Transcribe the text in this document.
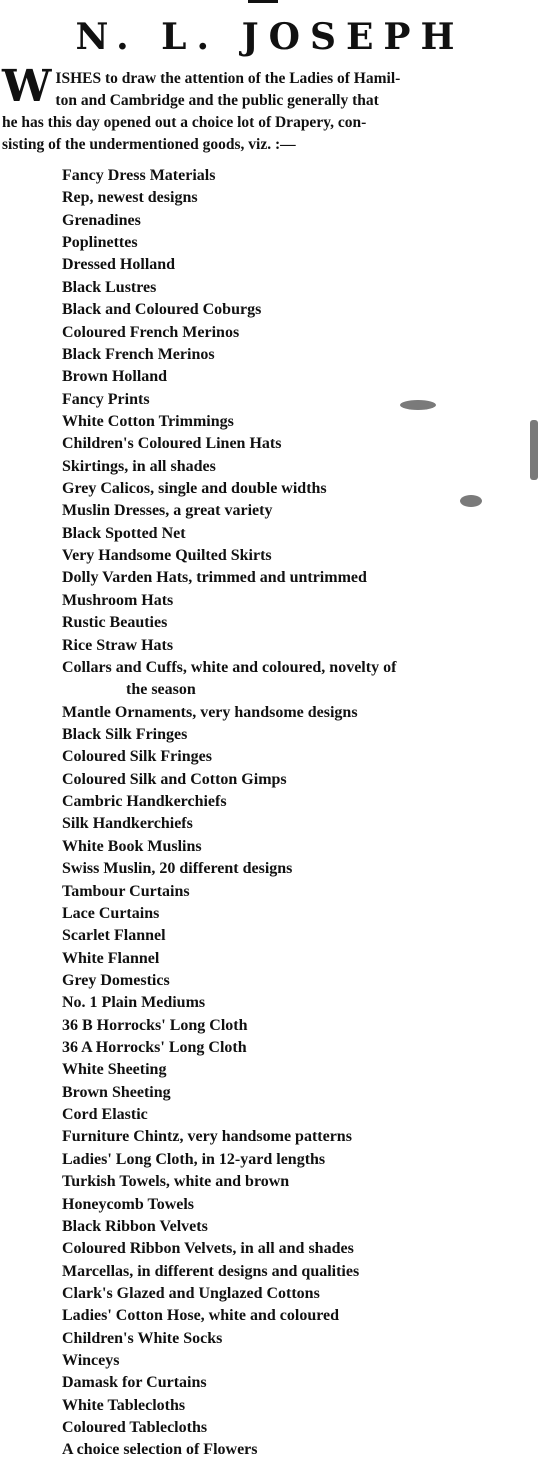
N. L. JOSEPH
W ISHES to draw the attention of the Ladies of Hamil-

ton and Cambridge and the public generally that
he has this day opened out a choice lot of Drapery, con-
sisting of the undermentioned goods, viz. :—
Fancy Dress Materials
Rep, newest designs
Grenadines
Poplinettes
Dressed Holland
Black Lustres
Black and Coloured Coburgs
Coloured French Merinos
Black French Merinos
Brown Holland
Fancy Prints
White Cotton Trimmings
Children's Coloured Linen Hats
Skirtings, in all shades
Grey Calicos, single and double widths
Muslin Dresses, a great variety
Black Spotted Net
Very Handsome Quilted Skirts
Dolly Varden Hats, trimmed and untrimmed
Mushroom Hats
Rustic Beauties
Rice Straw Hats
Collars and Cuffs, white and coloured, novelty of
the season
Mantle Ornaments, very handsome designs
Black Silk Fringes
Coloured Silk Fringes
Coloured Silk and Cotton Gimps
Cambric Handkerchiefs
Silk Handkerchiefs
White Book Muslins
Swiss Muslin, 20 different designs
Tambour Curtains
Lace Curtains
Scarlet Flannel
White Flannel
Grey Domestics
No. 1 Plain Mediums
36 B Horrocks' Long Cloth
36 A Horrocks' Long Cloth
White Sheeting
Brown Sheeting
Cord Elastic
Furniture Chintz, very handsome patterns
Ladies' Long Cloth, in 12-yard lengths
Turkish Towels, white and brown
Honeycomb Towels
Black Ribbon Velvets
Coloured Ribbon Velvets, in all and shades
Marcellas, in different designs and qualities
Clark's Glazed and Unglazed Cottons
Ladies' Cotton Hose, white and coloured
Children's White Socks
Winceys
Damask for Curtains
White Tablecloths
Coloured Tablecloths
A choice selection of Flowers
